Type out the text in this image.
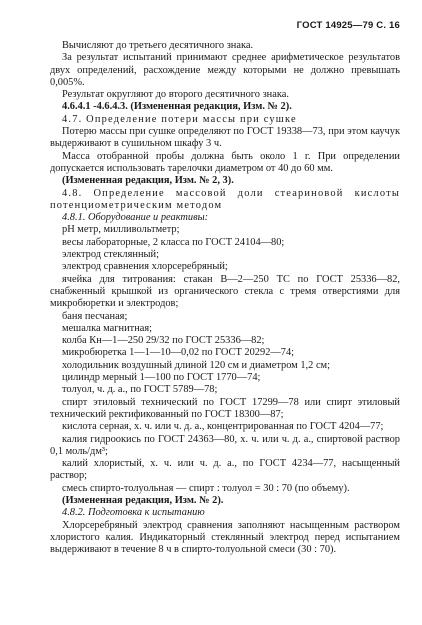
ГОСТ 14925—79 С. 16

Вычисляют до третьего десятичного знака.

За результат испытаний принимают среднее арифметическое результатов двух определений, расхождение между которыми не должно превышать 0,005%.

Результат округляют до второго десятичного знака.

4.6.4.1 -4.6.4.3. (Измененная редакция, Изм. № 2).

4.7. Определение потери массы при сушке

Потерю массы при сушке определяют по ГОСТ 19338—73, при этом каучук выдерживают в сушильном шкафу 3 ч.

Масса отобранной пробы должна быть около 1 г. При определении допускается использовать тарелочки диаметром от 40 до 60 мм.

(Измененная редакция, Изм. № 2, 3).

4.8. Определение массовой доли стеариновой кислоты потенциометрическим методом

4.8.1. Оборудование и реактивы:

pH метр, милливольтметр;

весы лабораторные, 2 класса по ГОСТ 24104—80;

электрод стеклянный;

электрод сравнения хлорсеребряный;

ячейка для титрования: стакан В—2—250 ТС по ГОСТ 25336—82, снабженный крышкой из органического стекла с тремя отверстиями для микробюретки и электродов;

баня песчаная;

мешалка магнитная;

колба Кн—1—250 29/32 по ГОСТ 25336—82;

микробюретка 1—1—10—0,02 по ГОСТ 20292—74;

холодильник воздушный длиной 120 см и диаметром 1,2 см;

цилиндр мерный 1—100 по ГОСТ 1770—74;

толуол, ч. д. а., по ГОСТ 5789—78;

спирт этиловый технический по ГОСТ 17299—78 или спирт этиловый технический ректификованный по ГОСТ 18300—87;

кислота серная, х. ч. или ч. д. а., концентрированная по ГОСТ 4204—77;

калия гидроокись по ГОСТ 24363—80, х. ч. или ч. д. а., спиртовой раствор 0,1 моль/дм³;

калий хлористый, х. ч. или ч. д. а., по ГОСТ 4234—77, насыщенный раствор;

смесь спирто-толуольная — спирт : толуол = 30 : 70 (по объему).

(Измененная редакция, Изм. № 2).

4.8.2. Подготовка к испытанию

Хлорсеребряный электрод сравнения заполняют насыщенным раствором хлористого калия. Индикаторный стеклянный электрод перед испытанием выдерживают в течение 8 ч в спирто-толуольной смеси (30 : 70).
